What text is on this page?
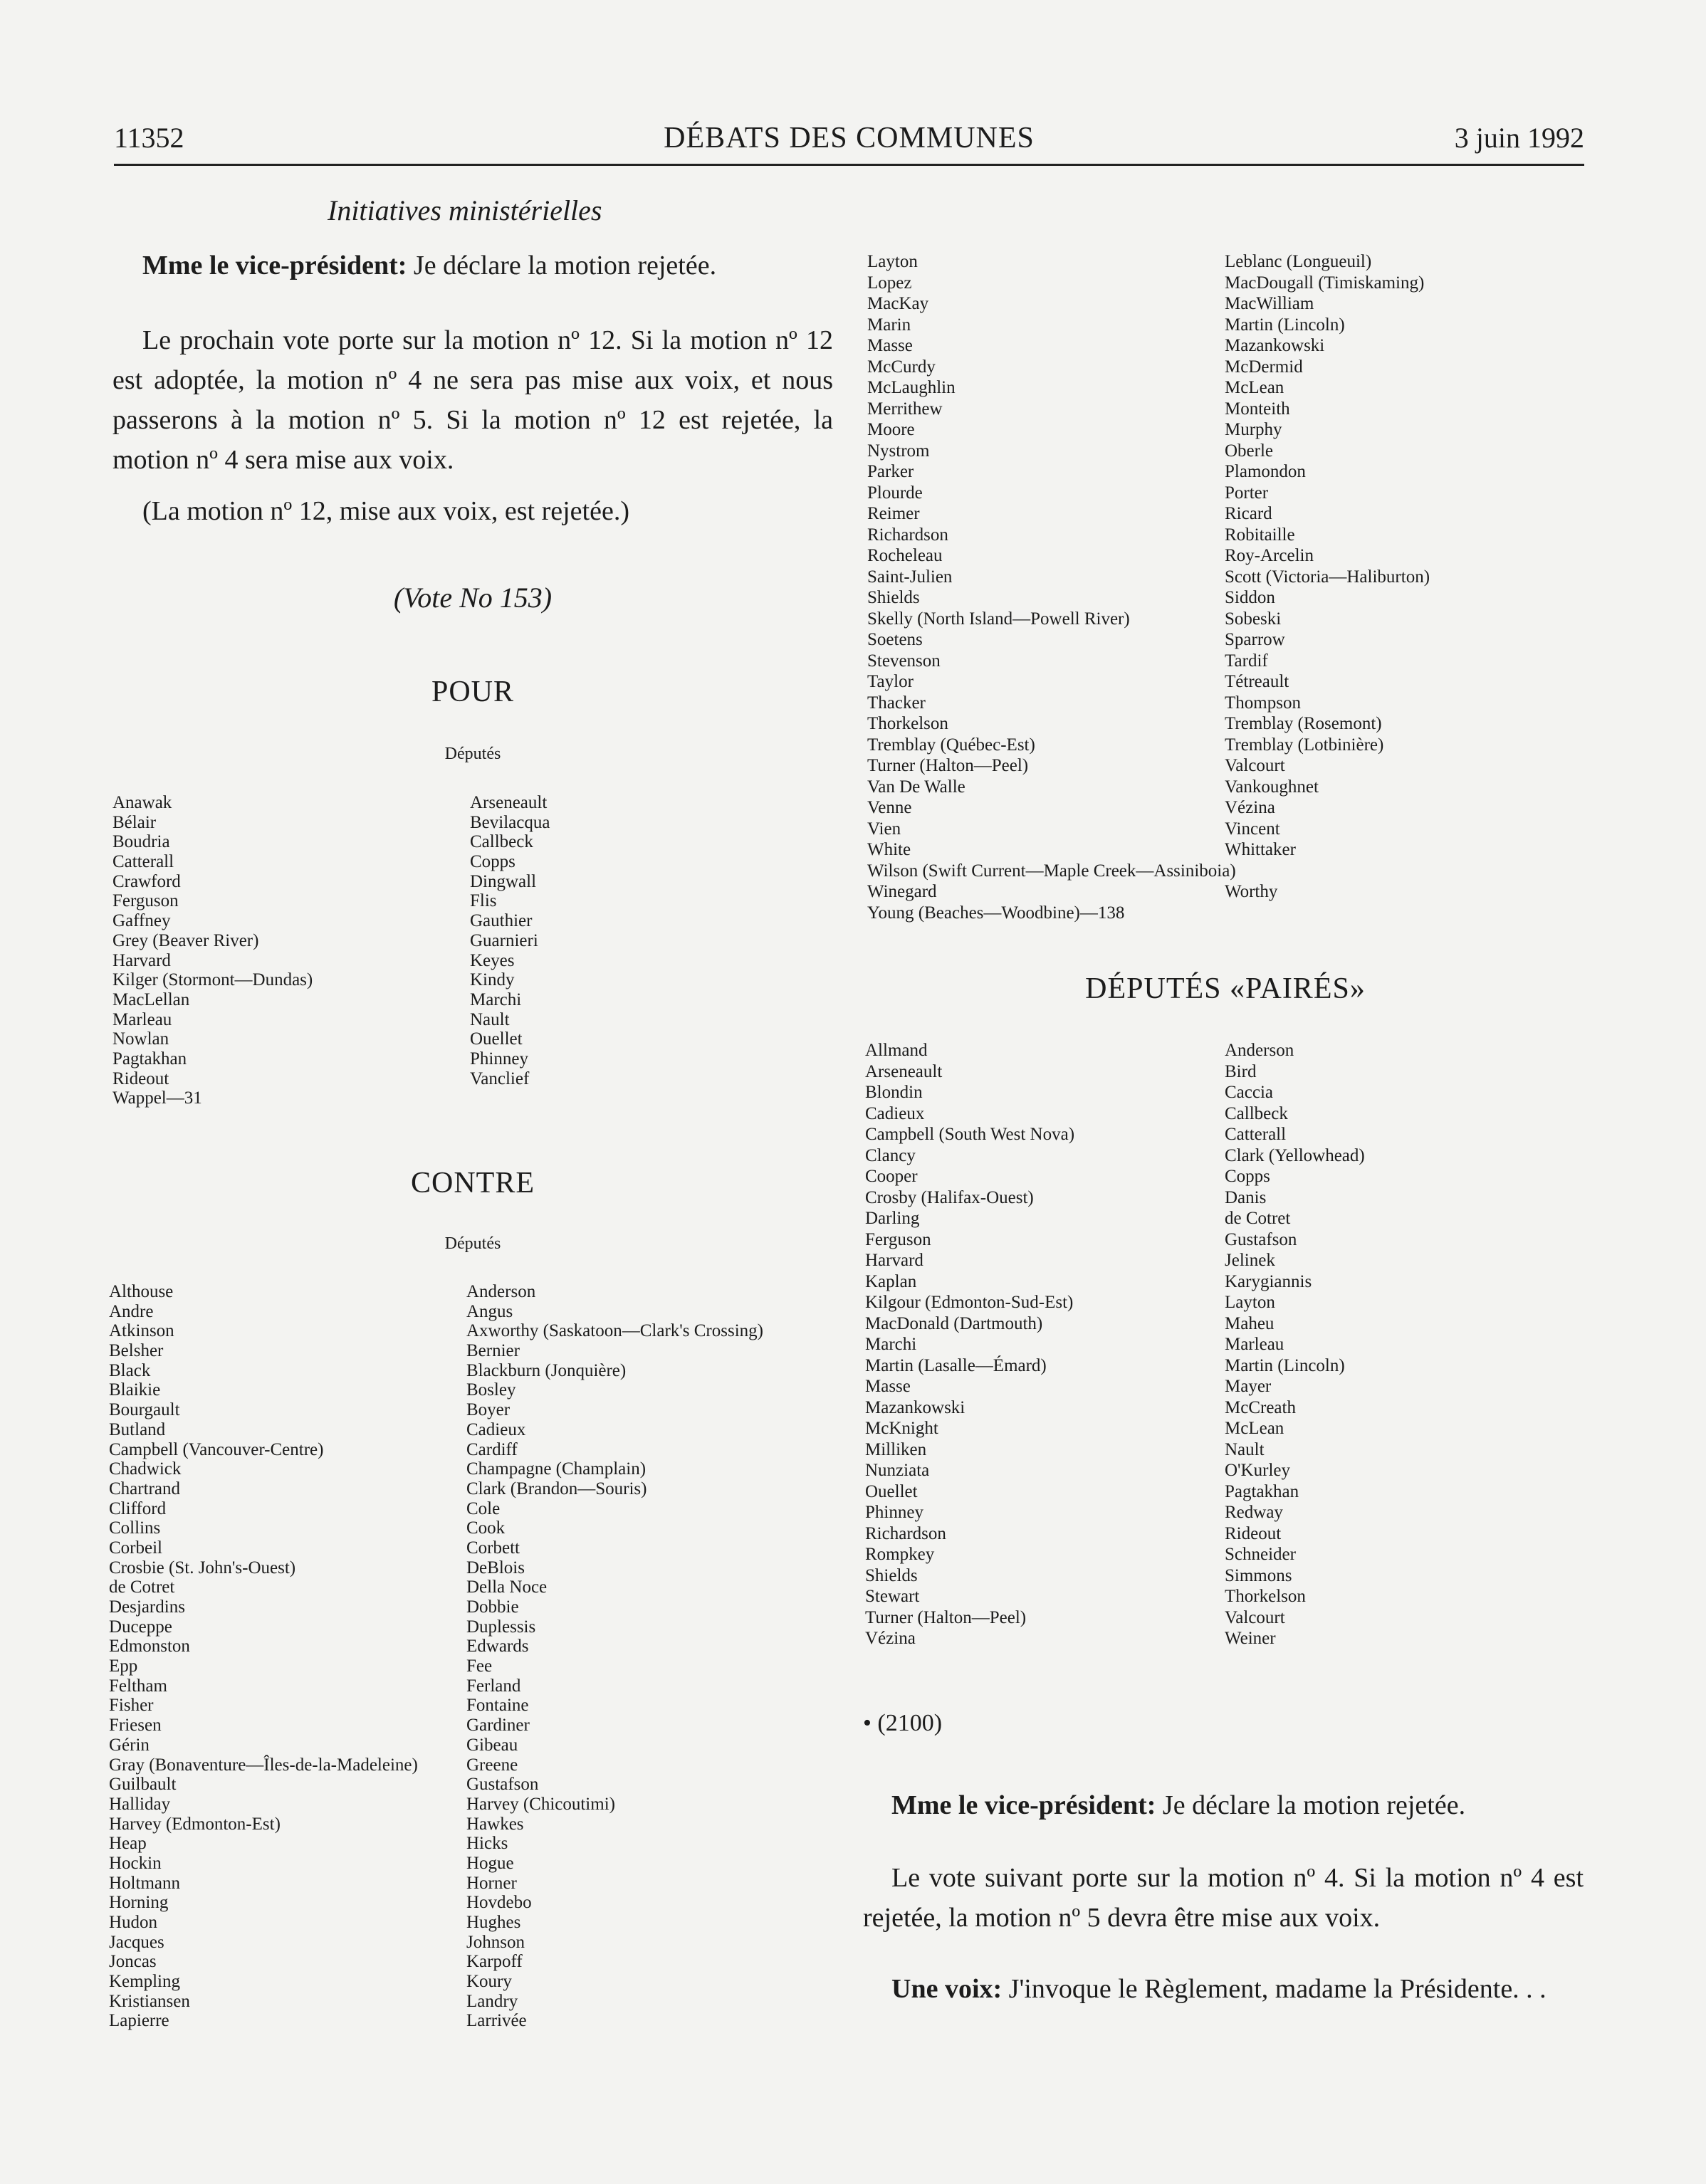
11352	DÉBATS DES COMMUNES	3 juin 1992
Initiatives ministérielles
Mme le vice-président: Je déclare la motion rejetée.
Le prochain vote porte sur la motion nº 12. Si la motion nº 12 est adoptée, la motion nº 4 ne sera pas mise aux voix, et nous passerons à la motion nº 5. Si la motion nº 12 est rejetée, la motion nº 4 sera mise aux voix.
(La motion nº 12, mise aux voix, est rejetée.)
(Vote No 153)
POUR
Députés
Anawak
Bélair
Boudria
Catterall
Crawford
Ferguson
Gaffney
Grey (Beaver River)
Harvard
Kilger (Stormont—Dundas)
MacLellan
Marleau
Nowlan
Pagtakhan
Rideout
Wappel—31
Arseneault
Bevilacqua
Callbeck
Copps
Dingwall
Flis
Gauthier
Guarnieri
Keyes
Kindy
Marchi
Nault
Ouellet
Phinney
Vanclief
CONTRE
Députés
Althouse
Andre
Atkinson
Belsher
Black
Blaikie
Bourgault
Butland
Campbell (Vancouver-Centre)
Chadwick
Chartrand
Clifford
Collins
Corbeil
Crosbie (St. John's-Ouest)
de Cotret
Desjardins
Duceppe
Edmonston
Epp
Feltham
Fisher
Friesen
Gérin
Gray (Bonaventure—Îles-de-la-Madeleine)
Guilbault
Halliday
Harvey (Edmonton-Est)
Heap
Hockin
Holtmann
Horning
Hudon
Jacques
Joncas
Kempling
Kristiansen
Lapierre
Anderson
Angus
Axworthy (Saskatoon—Clark's Crossing)
Bernier
Blackburn (Jonquière)
Bosley
Boyer
Cadieux
Cardiff
Champagne (Champlain)
Clark (Brandon—Souris)
Cole
Cook
Corbett
DeBlois
Della Noce
Dobbie
Duplessis
Edwards
Fee
Ferland
Fontaine
Gardiner
Gibeau
Greene
Gustafson
Harvey (Chicoutimi)
Hawkes
Hicks
Hogue
Horner
Hovdebo
Hughes
Johnson
Karpoff
Koury
Landry
Larrivée
Layton
Lopez
MacKay
Marin
Masse
McCurdy
McLaughlin
Merrithew
Moore
Nystrom
Parker
Plourde
Reimer
Richardson
Rocheleau
Saint-Julien
Shields
Skelly (North Island—Powell River)
Soetens
Stevenson
Taylor
Thacker
Thorkelson
Tremblay (Québec-Est)
Turner (Halton—Peel)
Van De Walle
Venne
Vien
White
Wilson (Swift Current—Maple Creek—Assiniboia)
Winegard
Young (Beaches—Woodbine)—138
Leblanc (Longueuil)
MacDougall (Timiskaming)
MacWilliam
Martin (Lincoln)
Mazankowski
McDermid
McLean
Monteith
Murphy
Oberle
Plamondon
Porter
Ricard
Robitaille
Roy-Arcelin
Scott (Victoria—Haliburton)
Siddon
Sobeski
Sparrow
Tardif
Tétreault
Thompson
Tremblay (Rosemont)
Tremblay (Lotbinière)
Valcourt
Vankoughnet
Vézina
Vincent
Whittaker
Worthy
DÉPUTÉS «PAIRÉS»
Allmand
Arseneault
Blondin
Cadieux
Campbell (South West Nova)
Clancy
Cooper
Crosby (Halifax-Ouest)
Darling
Ferguson
Harvard
Kaplan
Kilgour (Edmonton-Sud-Est)
MacDonald (Dartmouth)
Marchi
Martin (Lasalle—Émard)
Masse
Mazankowski
McKnight
Milliken
Nunziata
Ouellet
Phinney
Richardson
Rompkey
Shields
Stewart
Turner (Halton—Peel)
Vézina
Anderson
Bird
Caccia
Callbeck
Catterall
Clark (Yellowhead)
Copps
Danis
de Cotret
Gustafson
Jelinek
Karygiannis
Layton
Maheu
Marleau
Martin (Lincoln)
Mayer
McCreath
McLean
Nault
O'Kurley
Pagtakhan
Redway
Rideout
Schneider
Simmons
Thorkelson
Valcourt
Weiner
• (2100)
Mme le vice-président: Je déclare la motion rejetée.
Le vote suivant porte sur la motion nº 4. Si la motion nº 4 est rejetée, la motion nº 5 devra être mise aux voix.
Une voix: J'invoque le Règlement, madame la Présidente. . .
